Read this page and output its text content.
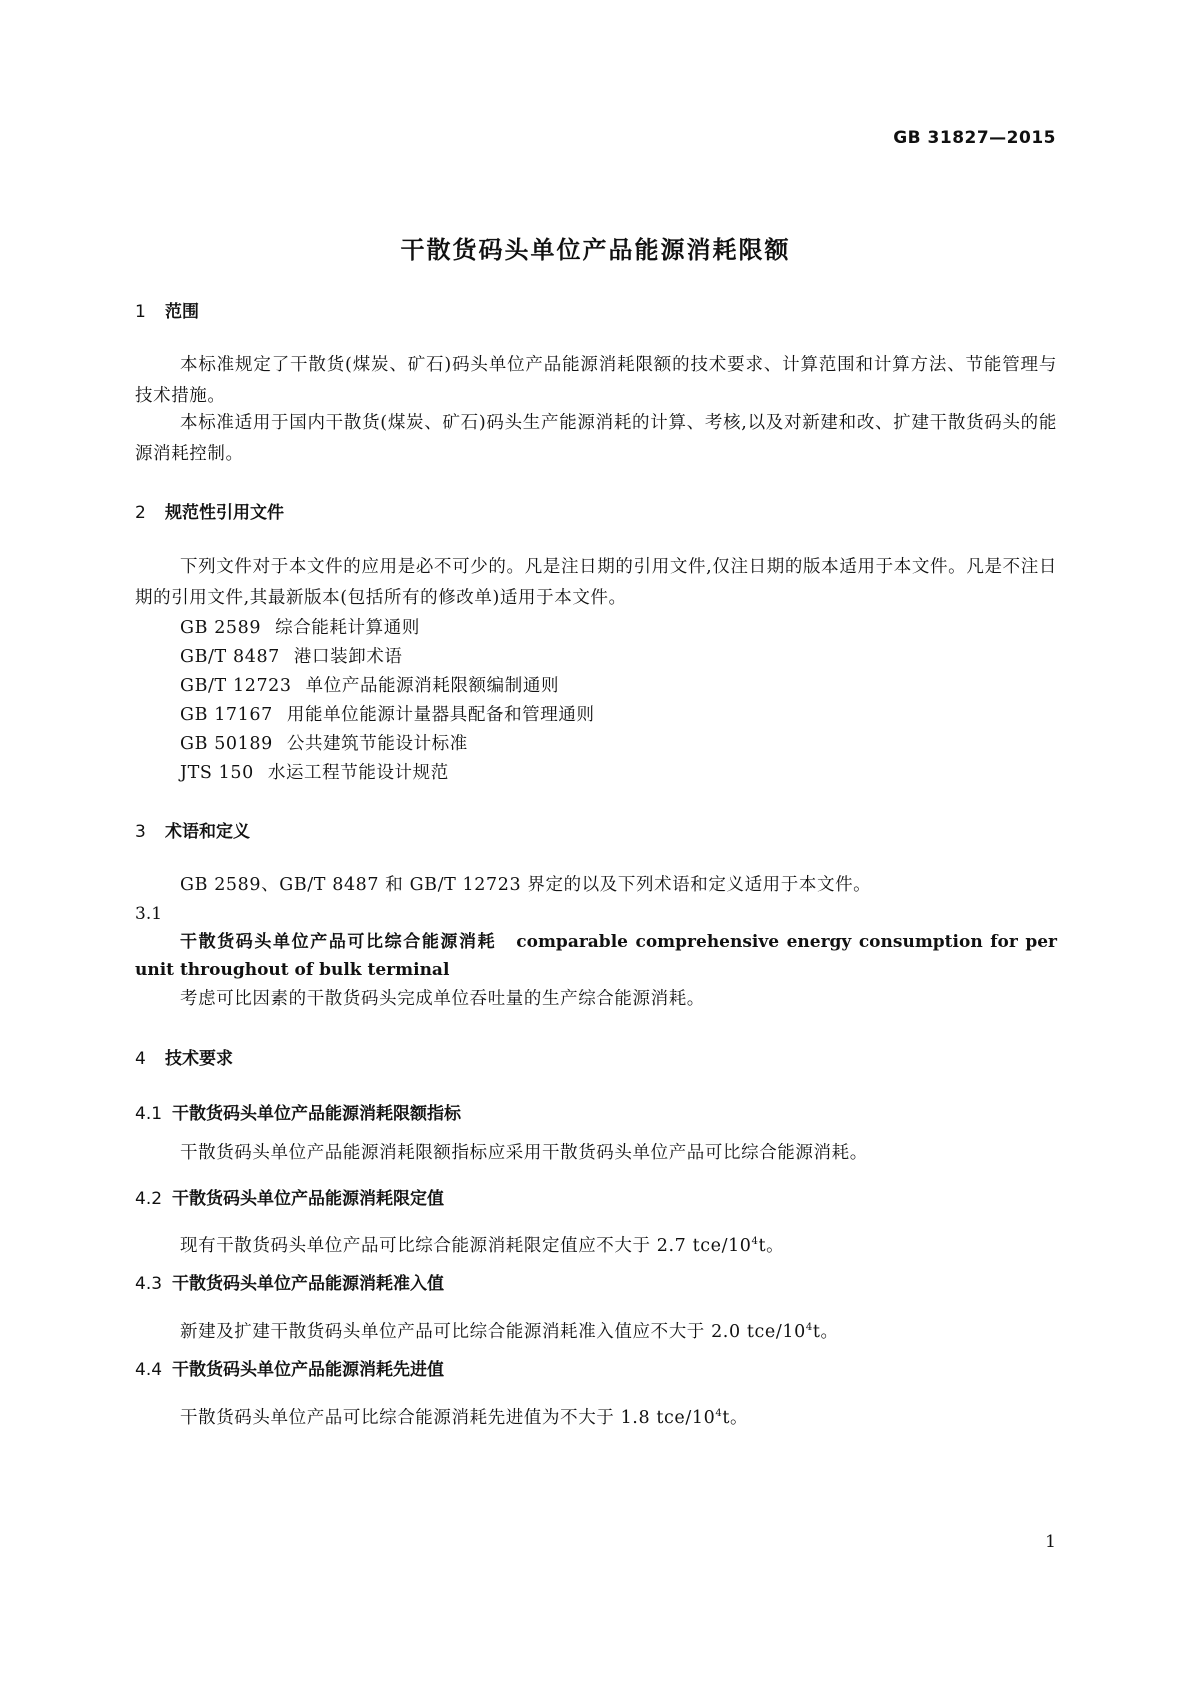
GB 31827—2015
干散货码头单位产品能源消耗限额
1 范围
本标准规定了干散货(煤炭、矿石)码头单位产品能源消耗限额的技术要求、计算范围和计算方法、节能管理与技术措施。
本标准适用于国内干散货(煤炭、矿石)码头生产能源消耗的计算、考核,以及对新建和改、扩建干散货码头的能源消耗控制。
2 规范性引用文件
下列文件对于本文件的应用是必不可少的。凡是注日期的引用文件,仅注日期的版本适用于本文件。凡是不注日期的引用文件,其最新版本(包括所有的修改单)适用于本文件。
GB 2589 综合能耗计算通则
GB/T 8487 港口装卸术语
GB/T 12723 单位产品能源消耗限额编制通则
GB 17167 用能单位能源计量器具配备和管理通则
GB 50189 公共建筑节能设计标准
JTS 150 水运工程节能设计规范
3 术语和定义
GB 2589、GB/T 8487 和 GB/T 12723 界定的以及下列术语和定义适用于本文件。
3.1
干散货码头单位产品可比综合能源消耗 comparable comprehensive energy consumption for per unit throughout of bulk terminal
考虑可比因素的干散货码头完成单位吞吐量的生产综合能源消耗。
4 技术要求
4.1 干散货码头单位产品能源消耗限额指标
干散货码头单位产品能源消耗限额指标应采用干散货码头单位产品可比综合能源消耗。
4.2 干散货码头单位产品能源消耗限定值
现有干散货码头单位产品可比综合能源消耗限定值应不大于 2.7 tce/$10^4t$。
4.3 干散货码头单位产品能源消耗准入值
新建及扩建干散货码头单位产品可比综合能源消耗准入值应不大于 2.0 tce/$10^4t$。
4.4 干散货码头单位产品能源消耗先进值
干散货码头单位产品可比综合能源消耗先进值为不大于 1.8 tce/$10^4t$。
1
